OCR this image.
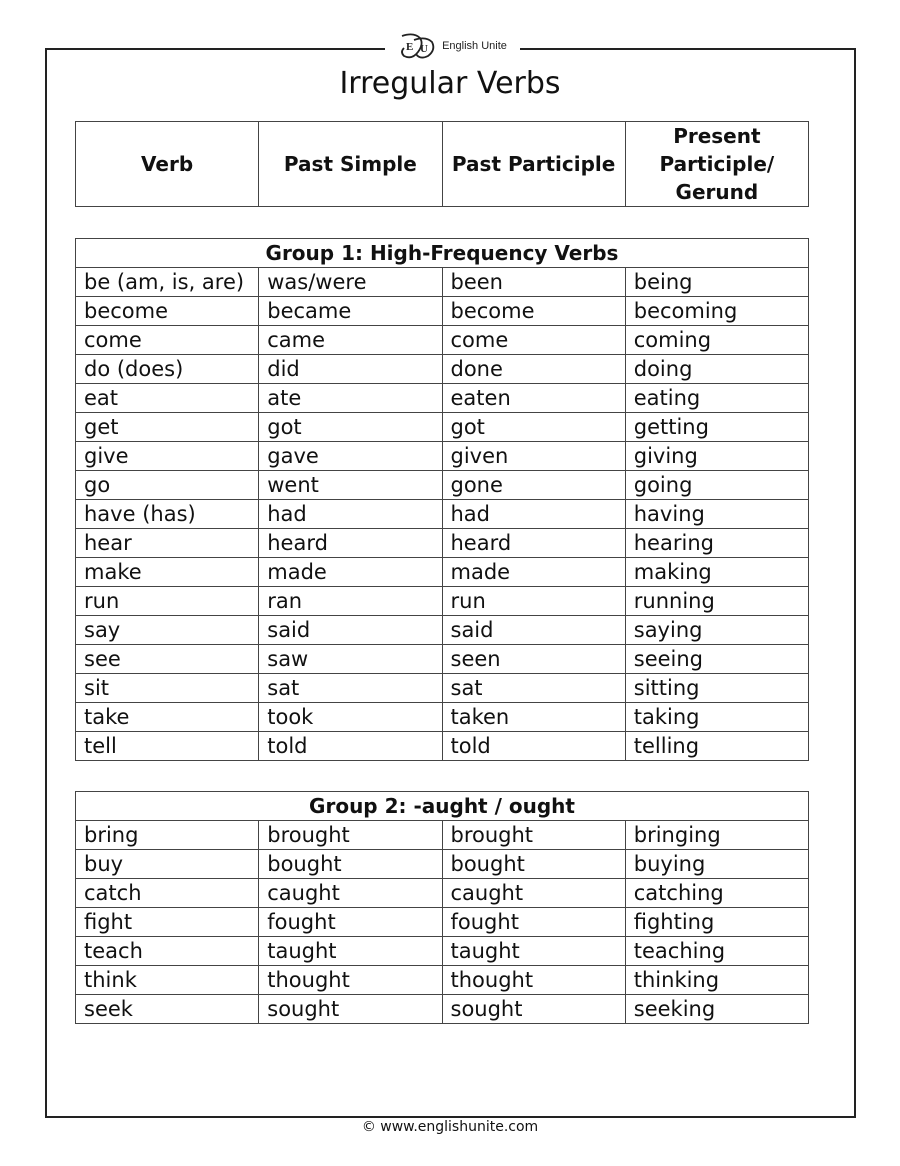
E U English Unite
Irregular Verbs
Verb	Past Simple	Past Participle	Present Participle/ Gerund
Group 1: High-Frequency Verbs			
be (am, is, are)	was/were	been	being
become	became	become	becoming
come	came	come	coming
do (does)	did	done	doing
eat	ate	eaten	eating
get	got	got	getting
give	gave	given	giving
go	went	gone	going
have (has)	had	had	having
hear	heard	heard	hearing
make	made	made	making
run	ran	run	running
say	said	said	saying
see	saw	seen	seeing
sit	sat	sat	sitting
take	took	taken	taking
tell	told	told	telling
Group 2: -aught / ought			
bring	brought	brought	bringing
buy	bought	bought	buying
catch	caught	caught	catching
fight	fought	fought	fighting
teach	taught	taught	teaching
think	thought	thought	thinking
seek	sought	sought	seeking
© www.englishunite.com
